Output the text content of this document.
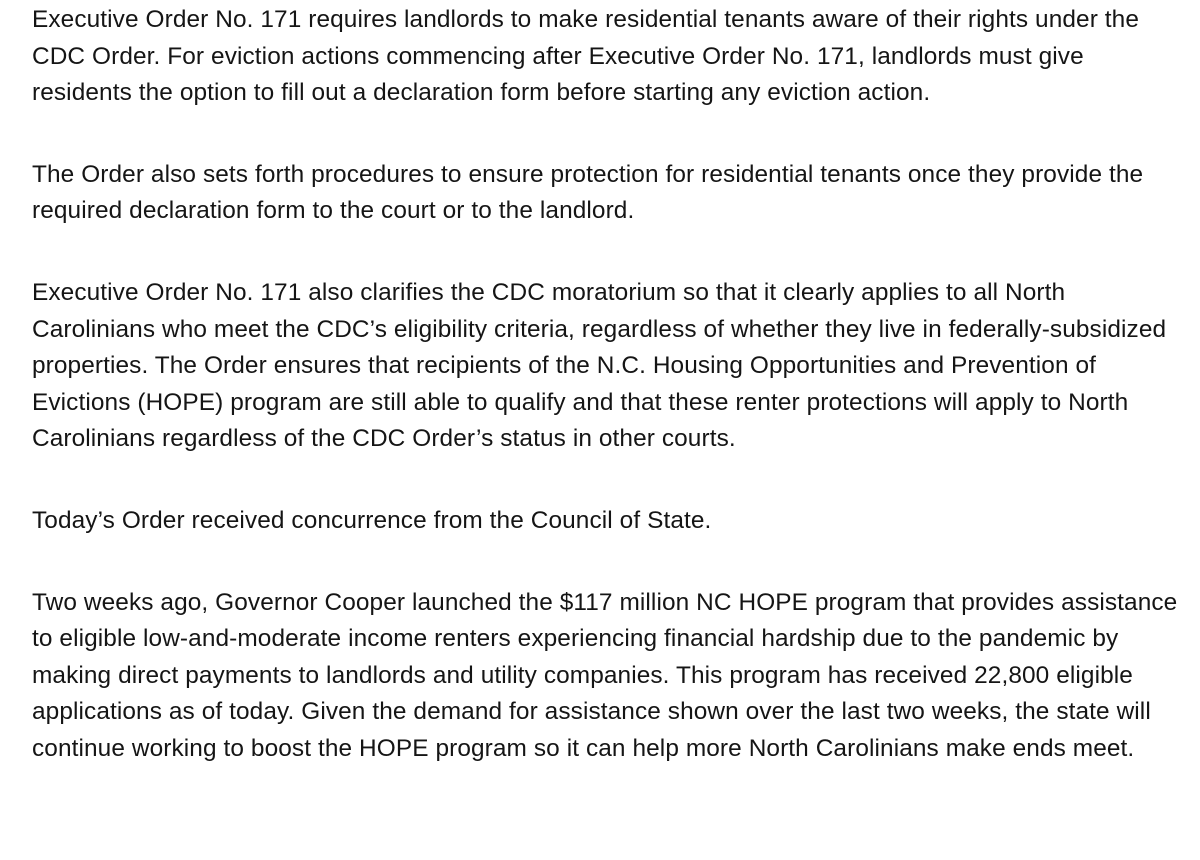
Executive Order No. 171 requires landlords to make residential tenants aware of their rights under the CDC Order. For eviction actions commencing after Executive Order No. 171, landlords must give residents the option to fill out a declaration form before starting any eviction action.

The Order also sets forth procedures to ensure protection for residential tenants once they provide the required declaration form to the court or to the landlord.

Executive Order No. 171 also clarifies the CDC moratorium so that it clearly applies to all North Carolinians who meet the CDC’s eligibility criteria, regardless of whether they live in federally-subsidized properties. The Order ensures that recipients of the N.C. Housing Opportunities and Prevention of Evictions (HOPE) program are still able to qualify and that these renter protections will apply to North Carolinians regardless of the CDC Order’s status in other courts.

Today’s Order received concurrence from the Council of State.

Two weeks ago, Governor Cooper launched the $117 million NC HOPE program that provides assistance to eligible low-and-moderate income renters experiencing financial hardship due to the pandemic by making direct payments to landlords and utility companies. This program has received 22,800 eligible applications as of today. Given the demand for assistance shown over the last two weeks, the state will continue working to boost the HOPE program so it can help more North Carolinians make ends meet.
